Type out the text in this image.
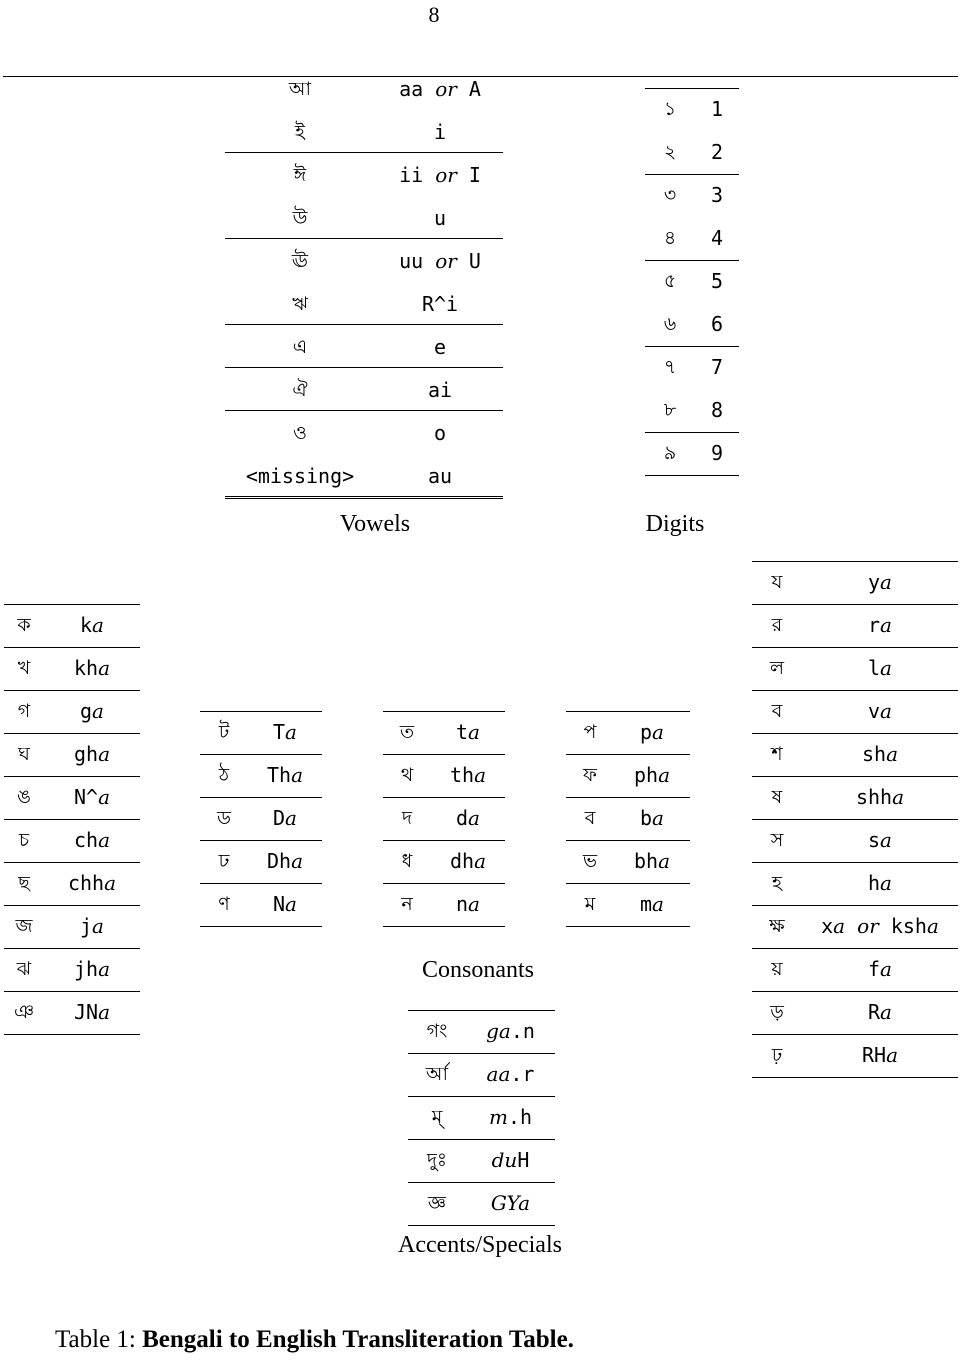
8
আ	aa or A
ই	i
ঈ	ii or I
উ	u
ঊ	uu or U
ঋ	R^i
এ	e
ঐ	ai
ও	o
<missing>	au
Vowels
১	1
২	2
৩	3
৪	4
৫	5
৬	6
৭	7
৮	8
৯	9
Digits
ক	ka
খ	kha
গ	ga
ঘ	gha
ঙ	N^a
চ	cha
ছ	chha
জ	ja
ঝ	jha
ঞ	JNa
ট	Ta
ঠ	Tha
ড	Da
ঢ	Dha
ণ	Na
ত	ta
থ	tha
দ	da
ধ	dha
ন	na
প	pa
ফ	pha
ব	ba
ভ	bha
ম	ma
য	ya
র	ra
ল	la
ব	va
শ	sha
ষ	shha
স	sa
হ	ha
ক্ষ	xa or ksha
য়	fa
ড়	Ra
ঢ়	RHa
Consonants
গং	ga.n
র্আ	aa.r
ম্	m.h
দুঃ	duH
জ্ঞ	GYa
Accents/Specials
Table 1: Bengali to English Transliteration Table.
